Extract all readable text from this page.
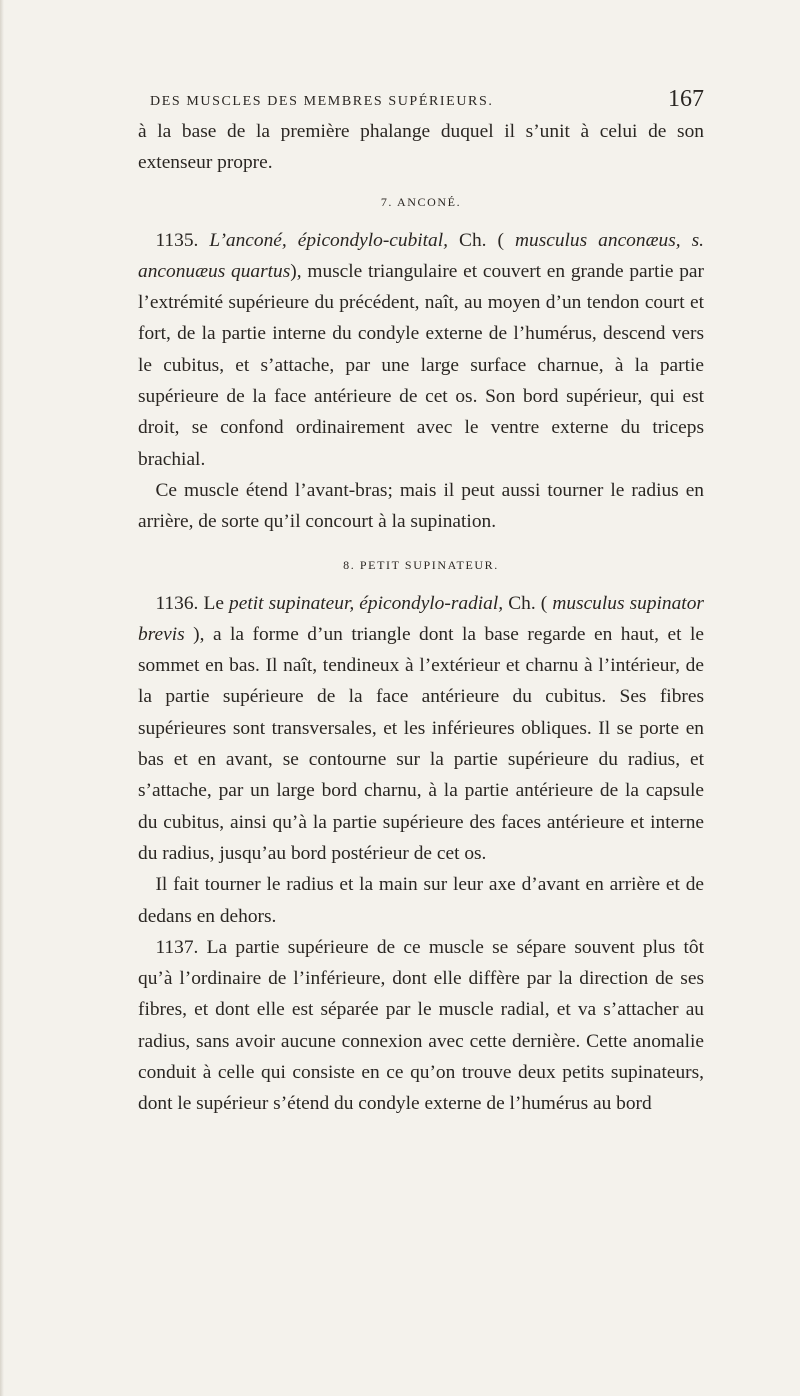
DES MUSCLES DES MEMBRES SUPÉRIEURS.	167

à la base de la première phalange duquel il s’unit à celui de son extenseur propre.

7. ANCONÉ.

1135. L’anconé, épicondylo-cubital, Ch. ( musculus anconæus, s. anconuæus quartus), muscle triangulaire et couvert en grande partie par l’extrémité supérieure du précédent, naît, au moyen d’un tendon court et fort, de la partie interne du condyle externe de l’humérus, descend vers le cubitus, et s’attache, par une large surface charnue, à la partie supérieure de la face antérieure de cet os. Son bord supérieur, qui est droit, se confond ordinairement avec le ventre externe du triceps brachial.

Ce muscle étend l’avant-bras; mais il peut aussi tourner le radius en arrière, de sorte qu’il concourt à la supination.

8. PETIT SUPINATEUR.

1136. Le petit supinateur, épicondylo-radial, Ch. ( musculus supinator brevis ), a la forme d’un triangle dont la base regarde en haut, et le sommet en bas. Il naît, tendineux à l’extérieur et charnu à l’intérieur, de la partie supérieure de la face antérieure du cubitus. Ses fibres supérieures sont transversales, et les inférieures obliques. Il se porte en bas et en avant, se contourne sur la partie supérieure du radius, et s’attache, par un large bord charnu, à la partie antérieure de la capsule du cubitus, ainsi qu’à la partie supérieure des faces antérieure et interne du radius, jusqu’au bord postérieur de cet os.

Il fait tourner le radius et la main sur leur axe d’avant en arrière et de dedans en dehors.

1137. La partie supérieure de ce muscle se sépare souvent plus tôt qu’à l’ordinaire de l’inférieure, dont elle diffère par la direction de ses fibres, et dont elle est séparée par le muscle radial, et va s’attacher au radius, sans avoir aucune connexion avec cette dernière. Cette anomalie conduit à celle qui consiste en ce qu’on trouve deux petits supinateurs, dont le supérieur s’étend du condyle externe de l’humérus au bord
